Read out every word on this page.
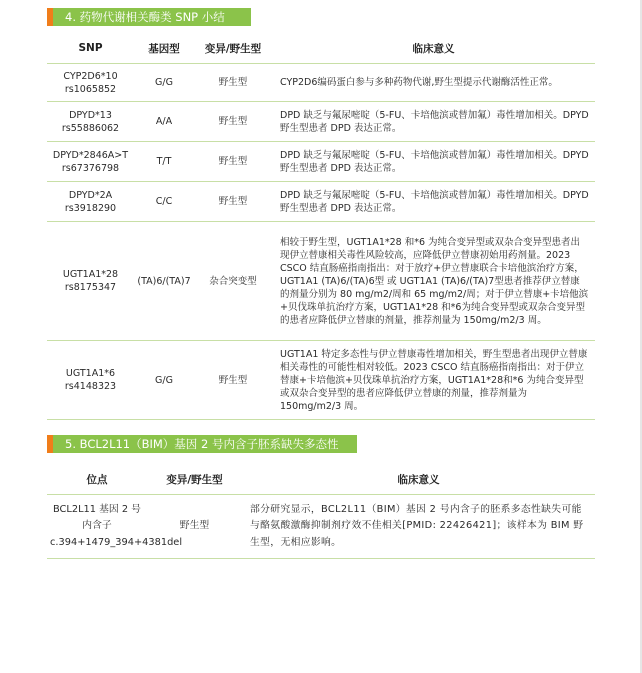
4. 药物代谢相关酶类 SNP 小结
SNP	基因型	变异/野生型	临床意义

CYP2D6*10
rs1065852	G/G	野生型	CYP2D6编码蛋白参与多种药物代谢,野生型提示代谢酶活性正常。

DPYD*13
rs55886062	A/A	野生型	DPD 缺乏与氟尿嘧啶（5-FU、卡培他滨或替加氟）毒性增加相关。DPYD 野生型患者 DPD 表达正常。

DPYD*2846A>T
rs67376798	T/T	野生型	DPD 缺乏与氟尿嘧啶（5-FU、卡培他滨或替加氟）毒性增加相关。DPYD 野生型患者 DPD 表达正常。

DPYD*2A
rs3918290	C/C	野生型	DPD 缺乏与氟尿嘧啶（5-FU、卡培他滨或替加氟）毒性增加相关。DPYD 野生型患者 DPD 表达正常。

UGT1A1*28
rs8175347	(TA)6/(TA)7	杂合突变型	相较于野生型，UGT1A1*28 和*6 为纯合变异型或双杂合变异型患者出现伊立替康相关毒性风险较高，应降低伊立替康初始用药剂量。2023 CSCO 结直肠癌指南指出：对于放疗+伊立替康联合卡培他滨治疗方案，UGT1A1 (TA)6/(TA)6型 或 UGT1A1 (TA)6/(TA)7型患者推荐伊立替康的剂量分别为 80 mg/m2/周和 65 mg/m2/周；对于伊立替康+卡培他滨+贝伐珠单抗治疗方案，UGT1A1*28 和*6为纯合变异型或双杂合变异型的患者应降低伊立替康的剂量，推荐剂量为 150mg/m2/3 周。

UGT1A1*6
rs4148323	G/G	野生型	UGT1A1 特定多态性与伊立替康毒性增加相关，野生型患者出现伊立替康相关毒性的可能性相对较低。2023 CSCO 结直肠癌指南指出：对于伊立替康+卡培他滨+贝伐珠单抗治疗方案，UGT1A1*28和*6 为纯合变异型或双杂合变异型的患者应降低伊立替康的剂量，推荐剂量为 150mg/m2/3 周。
5. BCL2L11（BIM）基因 2 号内含子胚系缺失多态性
位点	变异/野生型	临床意义
BCL2L11 基因 2 号内含子 c.394+1479_394+4381del	野生型	部分研究显示，BCL2L11（BIM）基因 2 号内含子的胚系多态性缺失可能与酪氨酸激酶抑制剂疗效不佳相关[PMID: 22426421]；该样本为 BIM 野生型，无相应影响。
